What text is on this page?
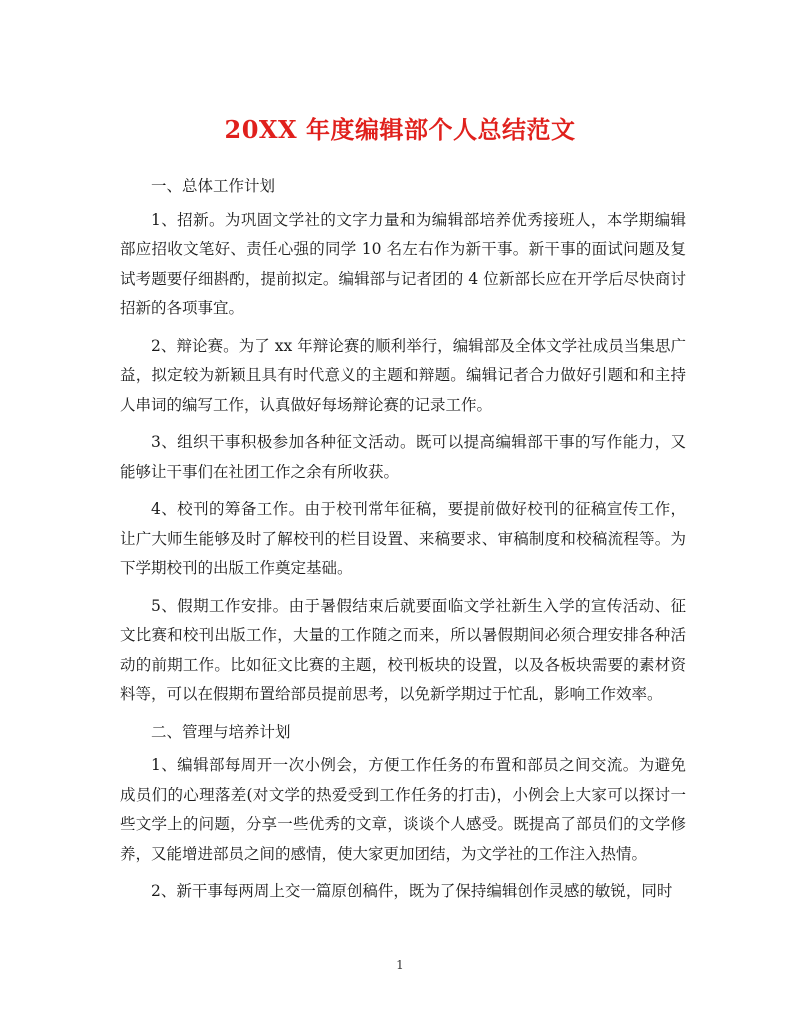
20XX 年度编辑部个人总结范文

一、总体工作计划

1、招新。为巩固文学社的文字力量和为编辑部培养优秀接班人，本学期编辑部应招收文笔好、责任心强的同学 10 名左右作为新干事。新干事的面试问题及复试考题要仔细斟酌，提前拟定。编辑部与记者团的 4 位新部长应在开学后尽快商讨招新的各项事宜。

2、辩论赛。为了 xx 年辩论赛的顺利举行，编辑部及全体文学社成员当集思广益，拟定较为新颖且具有时代意义的主题和辩题。编辑记者合力做好引题和和主持人串词的编写工作，认真做好每场辩论赛的记录工作。

3、组织干事积极参加各种征文活动。既可以提高编辑部干事的写作能力，又能够让干事们在社团工作之余有所收获。

4、校刊的筹备工作。由于校刊常年征稿，要提前做好校刊的征稿宣传工作，让广大师生能够及时了解校刊的栏目设置、来稿要求、审稿制度和校稿流程等。为下学期校刊的出版工作奠定基础。

5、假期工作安排。由于暑假结束后就要面临文学社新生入学的宣传活动、征文比赛和校刊出版工作，大量的工作随之而来，所以暑假期间必须合理安排各种活动的前期工作。比如征文比赛的主题，校刊板块的设置，以及各板块需要的素材资料等，可以在假期布置给部员提前思考，以免新学期过于忙乱，影响工作效率。

二、管理与培养计划

1、编辑部每周开一次小例会，方便工作任务的布置和部员之间交流。为避免成员们的心理落差(对文学的热爱受到工作任务的打击)，小例会上大家可以探讨一些文学上的问题，分享一些优秀的文章，谈谈个人感受。既提高了部员们的文学修养，又能增进部员之间的感情，使大家更加团结，为文学社的工作注入热情。

2、新干事每两周上交一篇原创稿件，既为了保持编辑创作灵感的敏锐，同时

1
